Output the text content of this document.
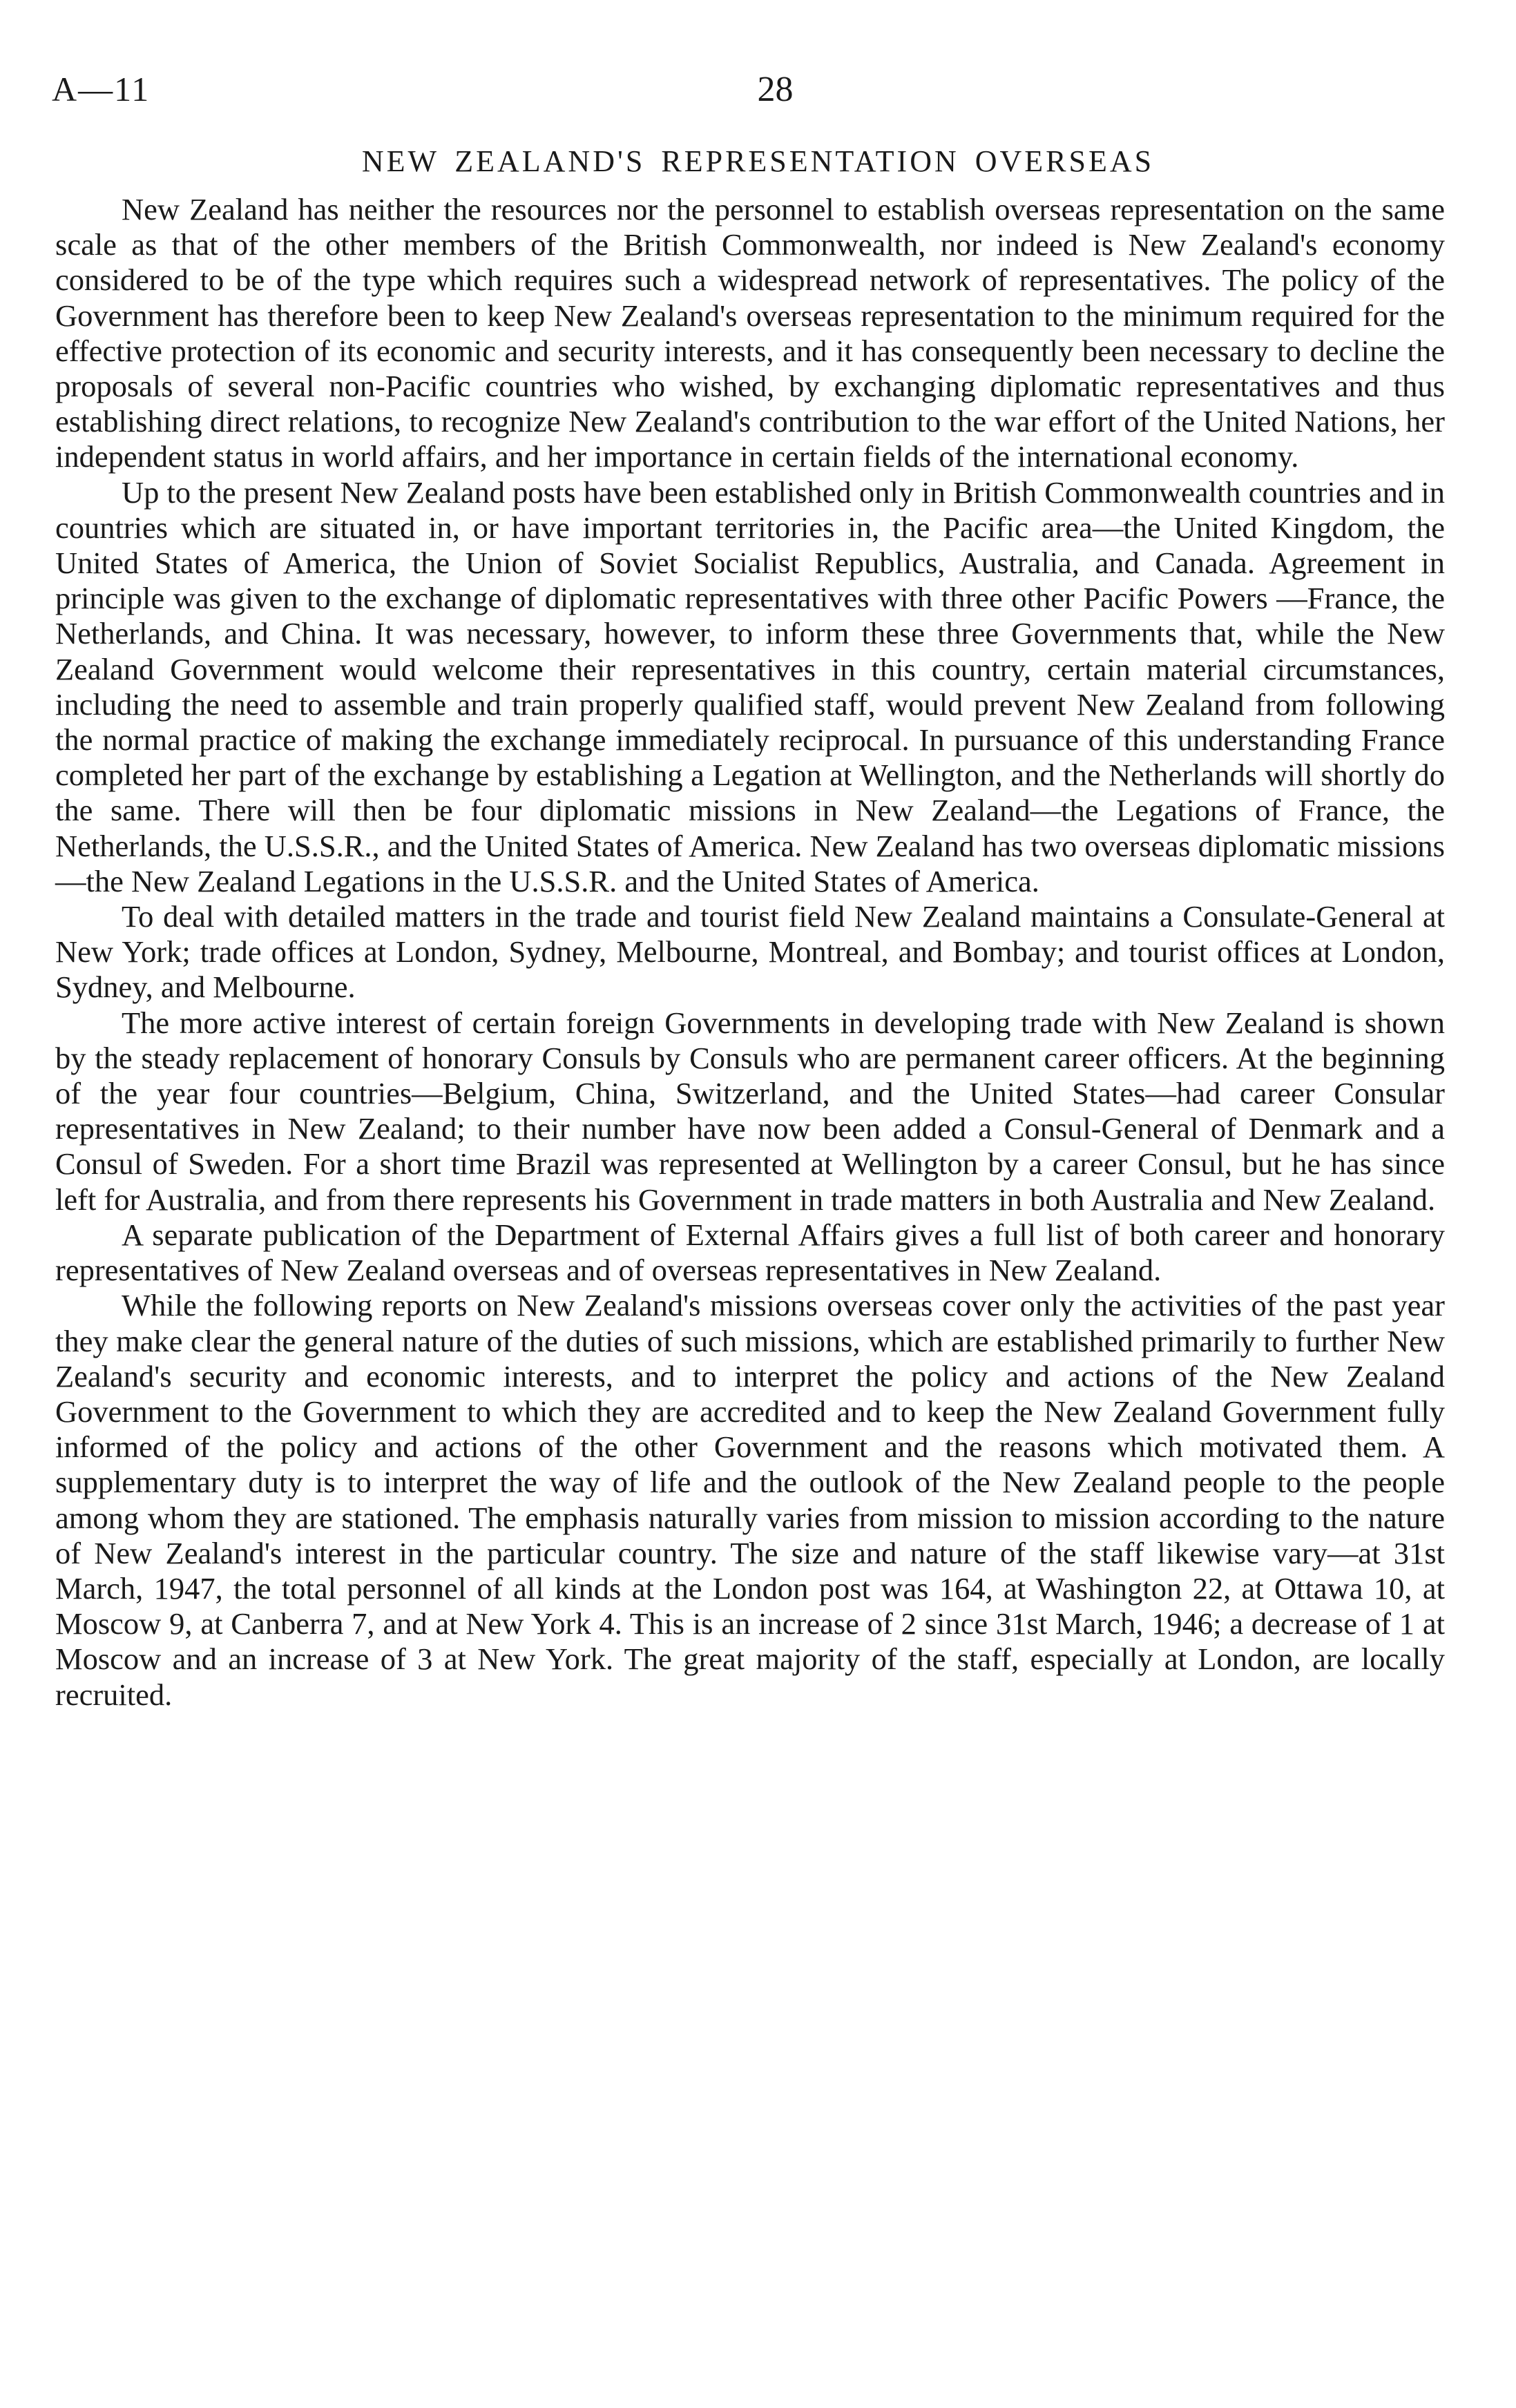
A—11	28
NEW ZEALAND'S REPRESENTATION OVERSEAS

New Zealand has neither the resources nor the personnel to establish overseas representation on the same scale as that of the other members of the British Commonwealth, nor indeed is New Zealand's economy considered to be of the type which requires such a widespread network of representatives. The policy of the Government has therefore been to keep New Zealand's overseas representation to the minimum required for the effective protection of its economic and security interests, and it has consequently been necessary to decline the proposals of several non-Pacific countries who wished, by exchanging diplomatic representatives and thus establishing direct relations, to recognize New Zealand's contribution to the war effort of the United Nations, her independent status in world affairs, and her importance in certain fields of the international economy.

Up to the present New Zealand posts have been established only in British Commonwealth countries and in countries which are situated in, or have important territories in, the Pacific area—the United Kingdom, the United States of America, the Union of Soviet Socialist Republics, Australia, and Canada. Agreement in principle was given to the exchange of diplomatic representatives with three other Pacific Powers —France, the Netherlands, and China. It was necessary, however, to inform these three Governments that, while the New Zealand Government would welcome their representatives in this country, certain material circumstances, including the need to assemble and train properly qualified staff, would prevent New Zealand from following the normal practice of making the exchange immediately reciprocal. In pursuance of this understanding France completed her part of the exchange by establishing a Legation at Wellington, and the Netherlands will shortly do the same. There will then be four diplomatic missions in New Zealand—the Legations of France, the Netherlands, the U.S.S.R., and the United States of America. New Zealand has two overseas diplomatic missions—the New Zealand Legations in the U.S.S.R. and the United States of America.

To deal with detailed matters in the trade and tourist field New Zealand maintains a Consulate-General at New York; trade offices at London, Sydney, Melbourne, Montreal, and Bombay; and tourist offices at London, Sydney, and Melbourne.

The more active interest of certain foreign Governments in developing trade with New Zealand is shown by the steady replacement of honorary Consuls by Consuls who are permanent career officers. At the beginning of the year four countries—Belgium, China, Switzerland, and the United States—had career Consular representatives in New Zealand; to their number have now been added a Consul-General of Denmark and a Consul of Sweden. For a short time Brazil was represented at Wellington by a career Consul, but he has since left for Australia, and from there represents his Government in trade matters in both Australia and New Zealand.

A separate publication of the Department of External Affairs gives a full list of both career and honorary representatives of New Zealand overseas and of overseas representatives in New Zealand.

While the following reports on New Zealand's missions overseas cover only the activities of the past year they make clear the general nature of the duties of such missions, which are established primarily to further New Zealand's security and economic interests, and to interpret the policy and actions of the New Zealand Government to the Government to which they are accredited and to keep the New Zealand Government fully informed of the policy and actions of the other Government and the reasons which motivated them. A supplementary duty is to interpret the way of life and the outlook of the New Zealand people to the people among whom they are stationed. The emphasis naturally varies from mission to mission according to the nature of New Zealand's interest in the particular country. The size and nature of the staff likewise vary—at 31st March, 1947, the total personnel of all kinds at the London post was 164, at Washington 22, at Ottawa 10, at Moscow 9, at Canberra 7, and at New York 4. This is an increase of 2 since 31st March, 1946; a decrease of 1 at Moscow and an increase of 3 at New York. The great majority of the staff, especially at London, are locally recruited.
